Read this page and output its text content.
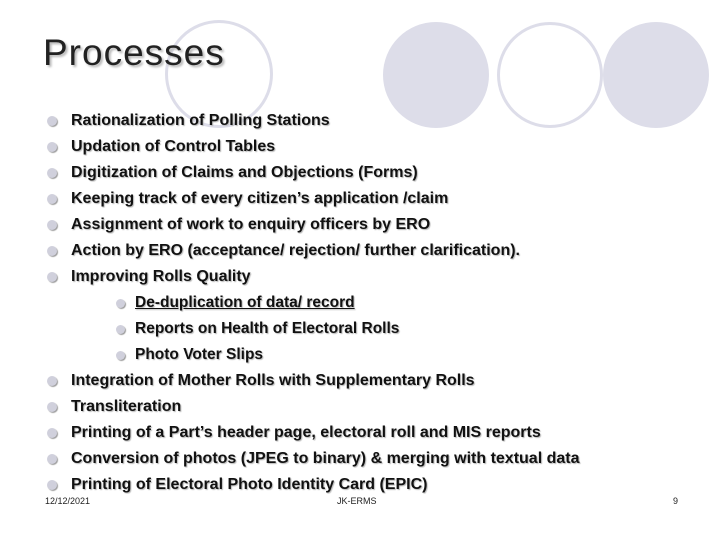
Processes
Rationalization of Polling Stations
Updation of Control Tables
Digitization of Claims and Objections (Forms)
Keeping track of every citizen’s application /claim
Assignment of work to enquiry officers by ERO
Action by ERO (acceptance/ rejection/ further clarification).
Improving Rolls Quality
De-duplication of data/ record
Reports on Health of Electoral Rolls
Photo Voter Slips
Integration of Mother Rolls with Supplementary Rolls
Transliteration
Printing of a Part’s header page, electoral roll and MIS reports
Conversion of photos (JPEG to binary) & merging with textual data
Printing of Electoral Photo Identity Card (EPIC)
12/12/2021	JK-ERMS	9
